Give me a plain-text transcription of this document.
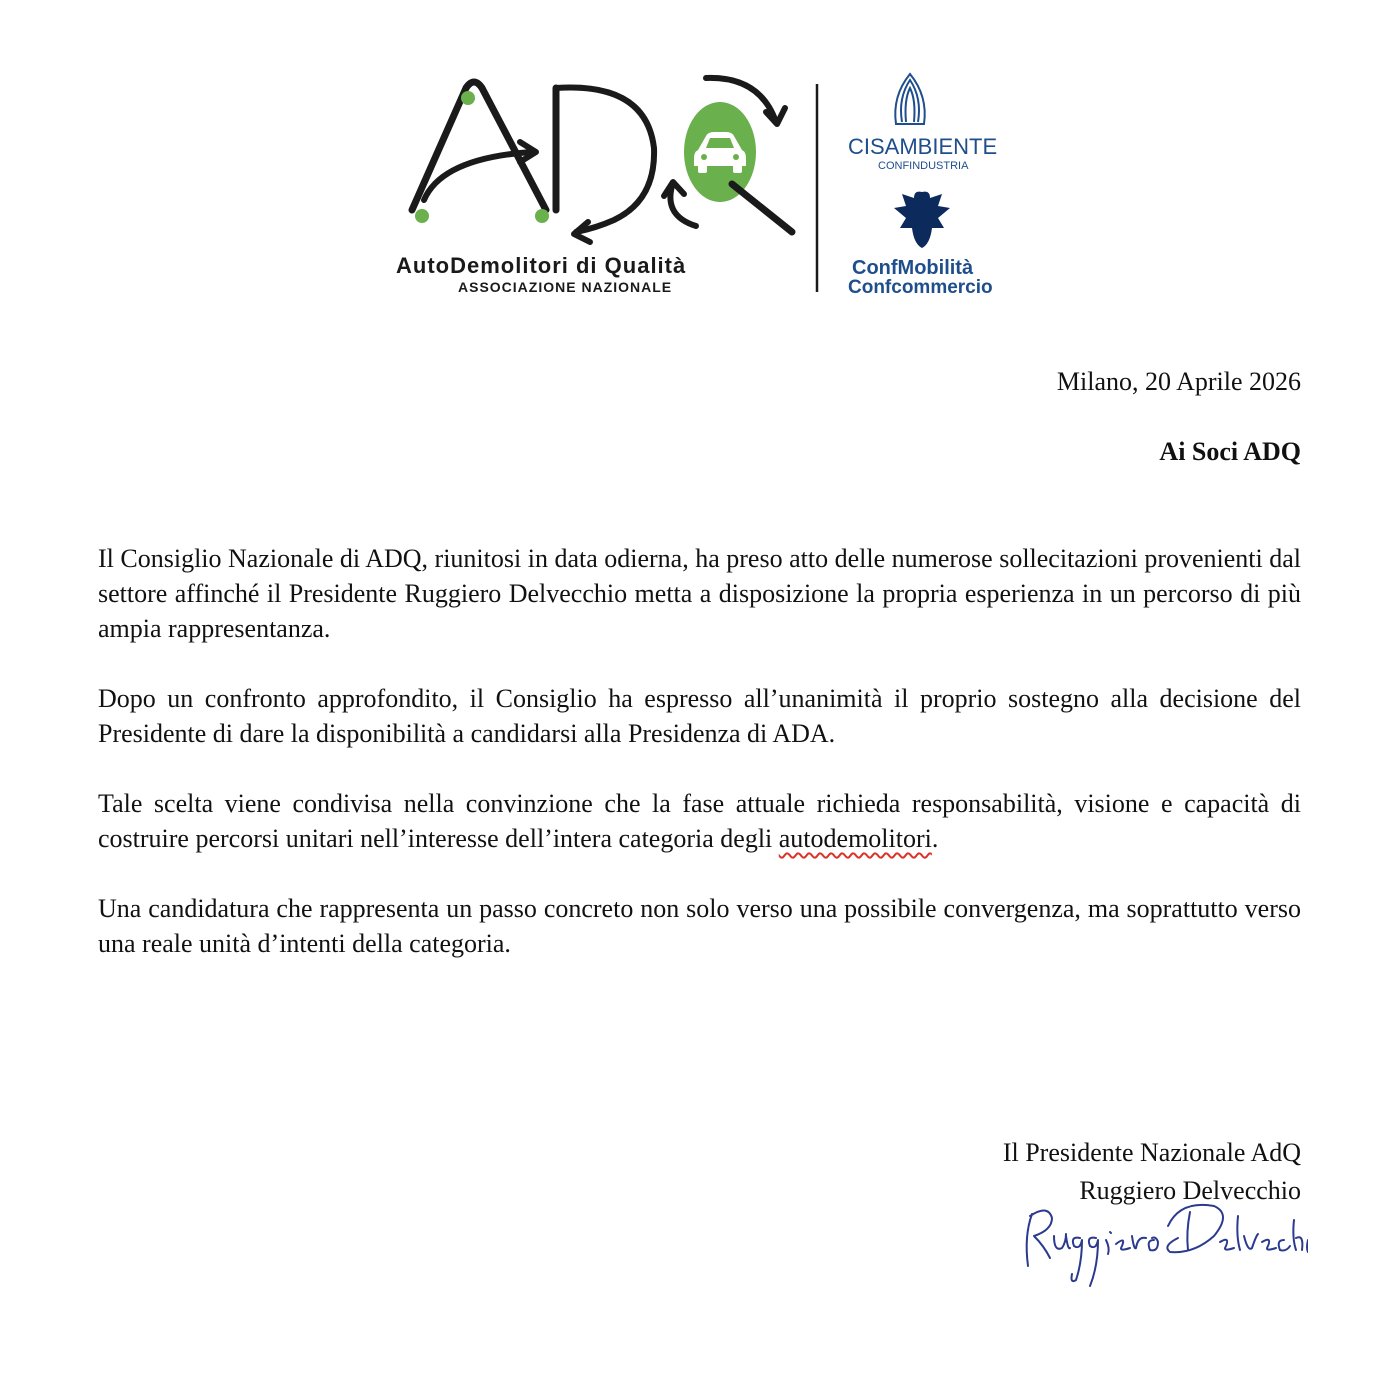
AutoDemolitori di Qualità
ASSOCIAZIONE NAZIONALE
CISAMBIENTE
CONFINDUSTRIA
ConfMobilità
Confcommercio
Milano, 20 Aprile 2026
Ai Soci ADQ

Il Consiglio Nazionale di ADQ, riunitosi in data odierna, ha preso atto delle numerose sollecitazioni provenienti dal settore affinché il Presidente Ruggiero Delvecchio metta a disposizione la propria esperienza in un percorso di più ampia rappresentanza.

Dopo un confronto approfondito, il Consiglio ha espresso all’unanimità il proprio sostegno alla decisione del Presidente di dare la disponibilità a candidarsi alla Presidenza di ADA.

Tale scelta viene condivisa nella convinzione che la fase attuale richieda responsabilità, visione e capacità di costruire percorsi unitari nell’interesse dell’intera categoria degli autodemolitori.

Una candidatura che rappresenta un passo concreto non solo verso una possibile convergenza, ma soprattutto verso una reale unità d’intenti della categoria.

Il Presidente Nazionale AdQ
Ruggiero Delvecchio
